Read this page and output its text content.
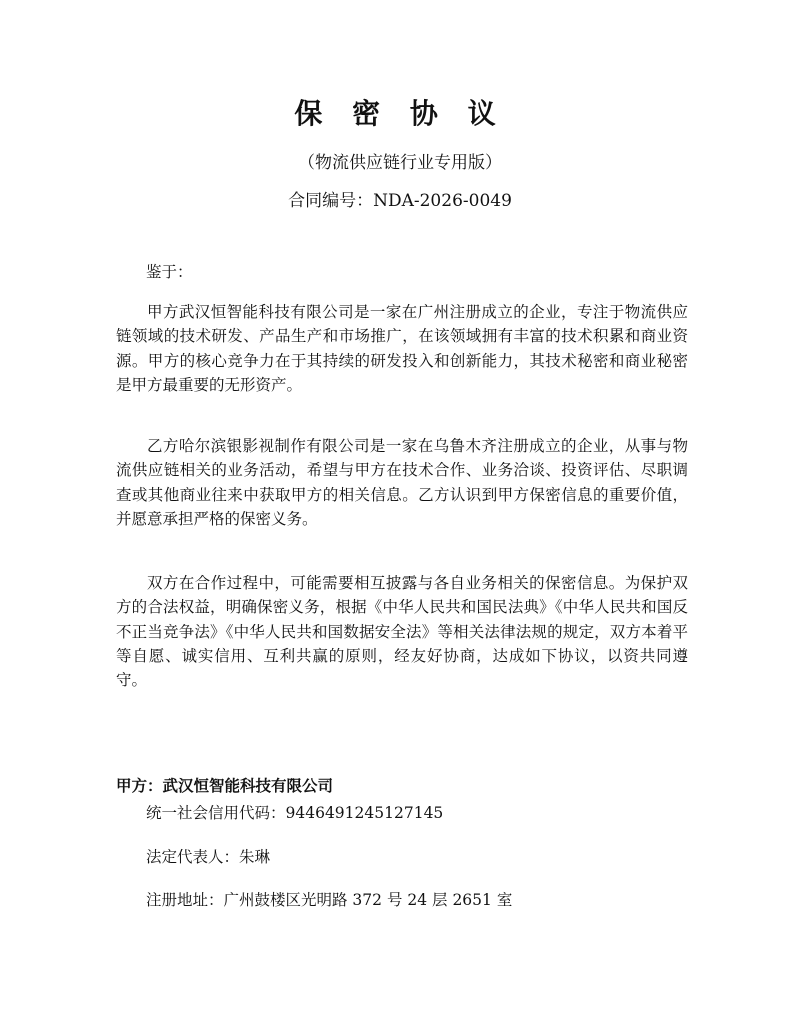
保 密 协 议
（物流供应链行业专用版）
合同编号：NDA-2026-0049
鉴于：

甲方武汉恒智能科技有限公司是一家在广州注册成立的企业，专注于物流供应链领域的技术研发、产品生产和市场推广，在该领域拥有丰富的技术积累和商业资源。甲方的核心竞争力在于其持续的研发投入和创新能力，其技术秘密和商业秘密是甲方最重要的无形资产。

乙方哈尔滨银影视制作有限公司是一家在乌鲁木齐注册成立的企业，从事与物流供应链相关的业务活动，希望与甲方在技术合作、业务洽谈、投资评估、尽职调查或其他商业往来中获取甲方的相关信息。乙方认识到甲方保密信息的重要价值，并愿意承担严格的保密义务。

双方在合作过程中，可能需要相互披露与各自业务相关的保密信息。为保护双方的合法权益，明确保密义务，根据《中华人民共和国民法典》《中华人民共和国反不正当竞争法》《中华人民共和国数据安全法》等相关法律法规的规定，双方本着平等自愿、诚实信用、互利共赢的原则，经友好协商，达成如下协议，以资共同遵守。

甲方：武汉恒智能科技有限公司
统一社会信用代码：9446491245127145
法定代表人：朱琳
注册地址：广州鼓楼区光明路 372 号 24 层 2651 室
